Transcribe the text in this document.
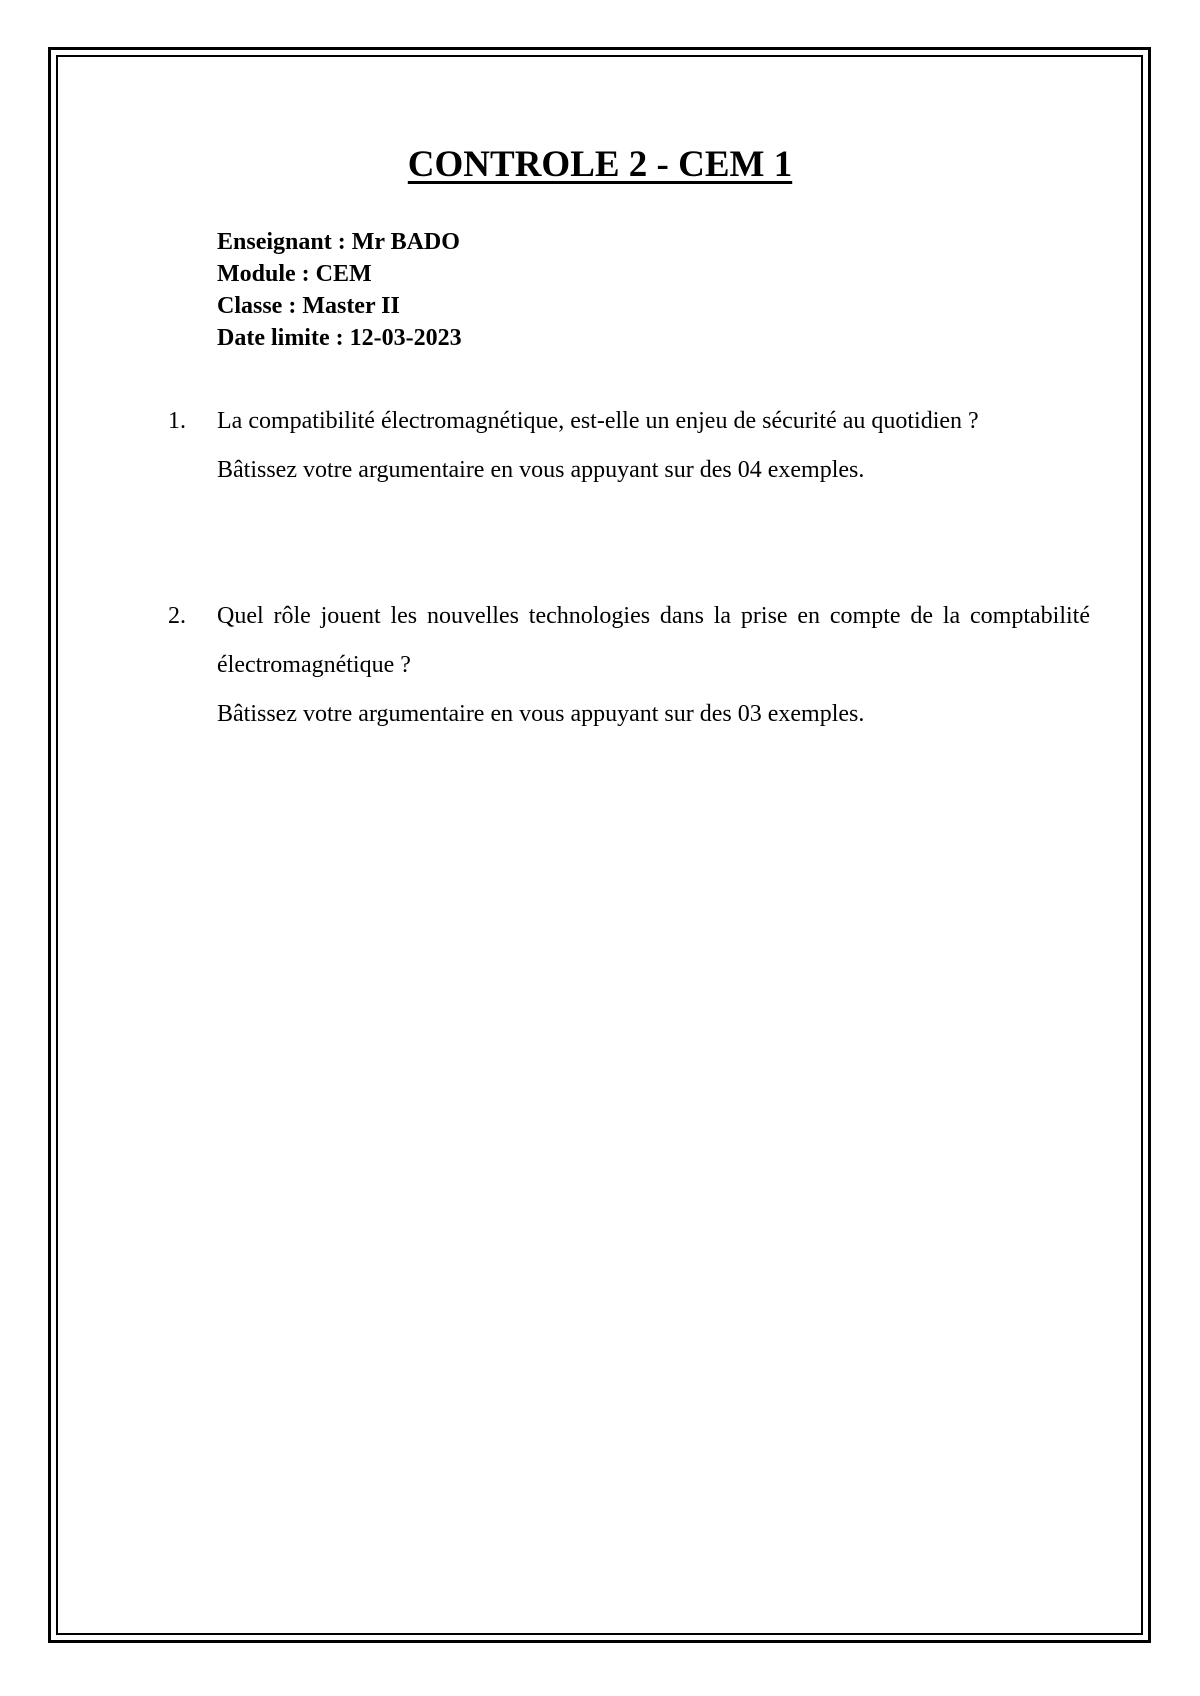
CONTROLE 2 - CEM 1
Enseignant : Mr BADO
Module : CEM
Classe : Master II
Date limite : 12-03-2023
1. La compatibilité électromagnétique, est-elle un enjeu de sécurité au quotidien ?
Bâtissez votre argumentaire en vous appuyant sur des 04 exemples.
2. Quel rôle jouent les nouvelles technologies dans la prise en compte de la comptabilité électromagnétique ?
Bâtissez votre argumentaire en vous appuyant sur des 03 exemples.
